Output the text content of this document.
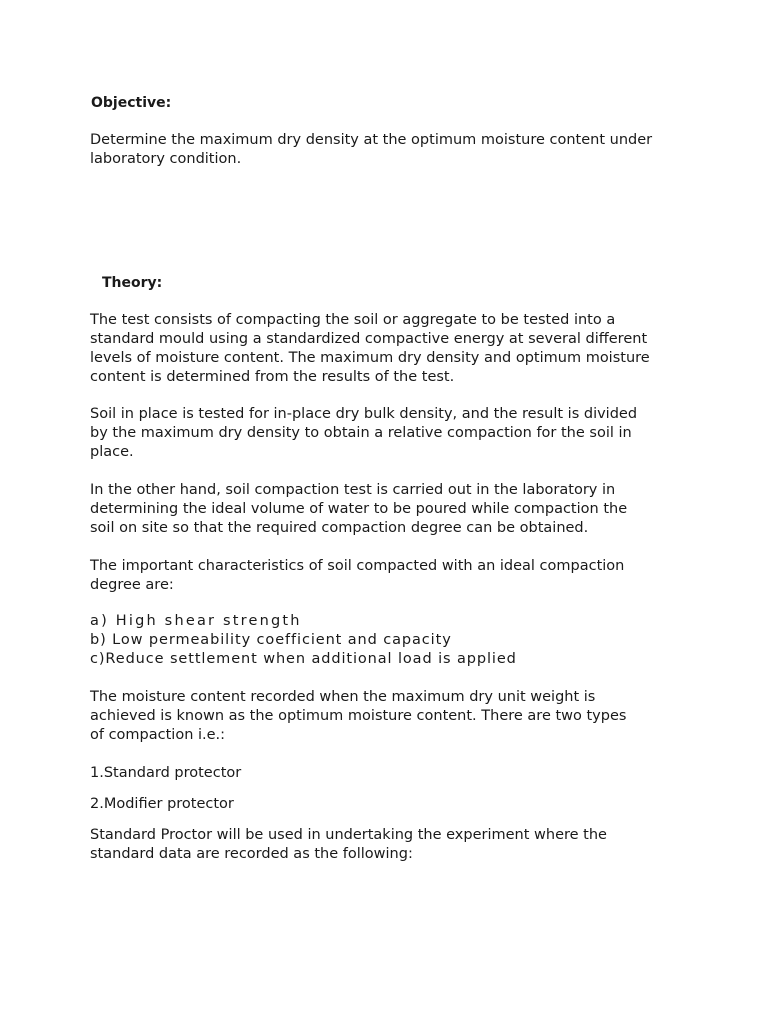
Objective:
Determine the maximum dry density at the optimum moisture content under
laboratory condition.
Theory:
The test consists of compacting the soil or aggregate to be tested into a
standard mould using a standardized compactive energy at several different
levels of moisture content. The maximum dry density and optimum moisture
content is determined from the results of the test.
Soil in place is tested for in-place dry bulk density, and the result is divided
by the maximum dry density to obtain a relative compaction for the soil in
place.
In the other hand, soil compaction test is carried out in the laboratory in
determining the ideal volume of water to be poured while compaction the
soil on site so that the required compaction degree can be obtained.
The important characteristics of soil compacted with an ideal compaction
degree are:
a) High shear strength
b) Low permeability coefficient and capacity
c)Reduce settlement when additional load is applied
The moisture content recorded when the maximum dry unit weight is
achieved is known as the optimum moisture content. There are two types
of compaction i.e.:
1.Standard protector
2.Modifier protector
Standard Proctor will be used in undertaking the experiment where the
standard data are recorded as the following:
